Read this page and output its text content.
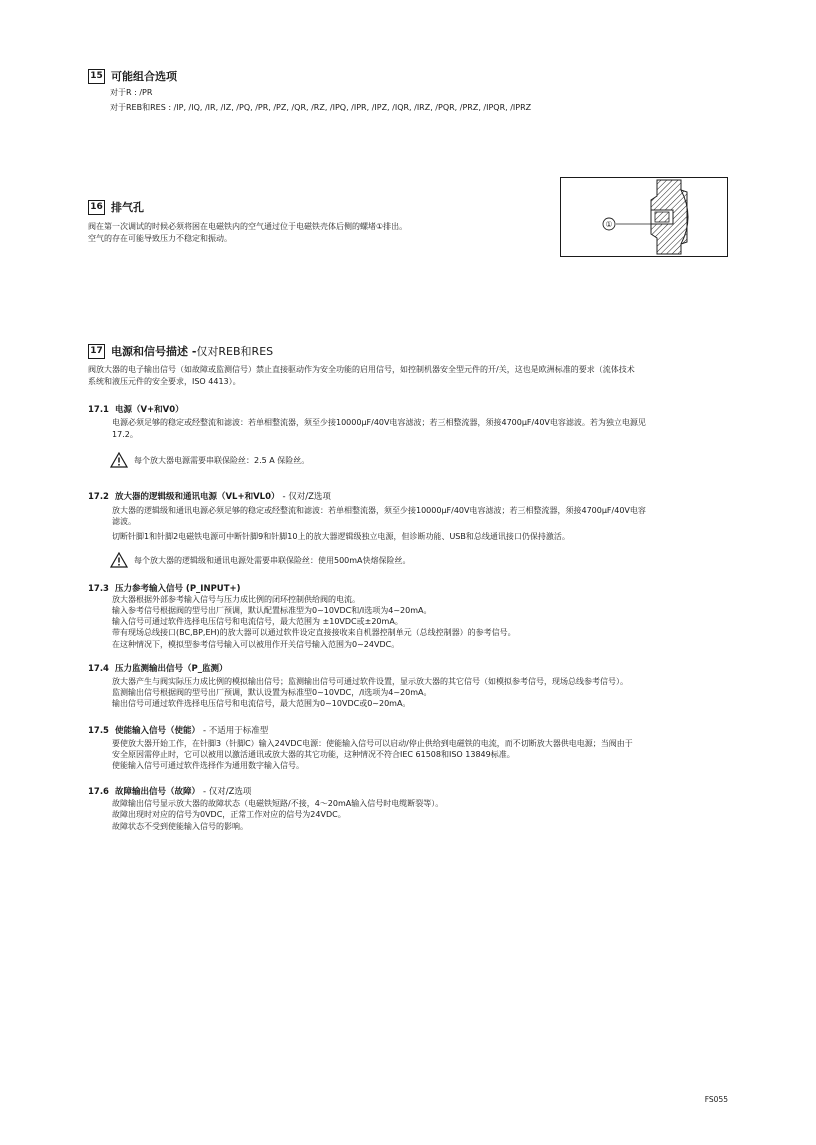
15 可能组合选项
对于R : /PR
对于REB和RES : /IP, /IQ, /IR, /IZ, /PQ, /PR, /PZ, /QR, /RZ, /IPQ, /IPR, /IPZ, /IQR, /IRZ, /PQR, /PRZ, /IPQR, /IPRZ
16 排气孔
阀在第一次调试的时候必须将困在电磁铁内的空气通过位于电磁铁壳体后侧的螺堵①排出。
空气的存在可能导致压力不稳定和振动。
①
17 电源和信号描述 - 仅对REB和RES
阀放大器的电子输出信号（如故障或监测信号）禁止直接驱动作为安全功能的启用信号，如控制机器安全型元件的开/关，这也是欧洲标准的要求（流体技术
系统和液压元件的安全要求，ISO 4413）。
17.1 电源（V+和V0）
电源必须足够的稳定或经整流和滤波：若单相整流器，须至少接10000µF/40V电容滤波；若三相整流器，须接4700µF/40V电容滤波。若为独立电源见
17.2。
每个放大器电源需要串联保险丝：2.5 A 保险丝。
17.2 放大器的逻辑级和通讯电源（VL+和VL0） - 仅对/Z选项
放大器的逻辑级和通讯电源必须足够的稳定或经整流和滤波：若单相整流器，须至少接10000µF/40V电容滤波；若三相整流器，须接4700µF/40V电容
滤波。
切断针脚1和针脚2电磁铁电源可中断针脚9和针脚10上的放大器逻辑级独立电源，但诊断功能、USB和总线通讯接口仍保持激活。
每个放大器的逻辑级和通讯电源处需要串联保险丝：使用500mA快熔保险丝。
17.3 压力参考输入信号 (P_INPUT+)
放大器根据外部参考输入信号与压力成比例的闭环控制供给阀的电流。
输入参考信号根据阀的型号出厂预调，默认配置标准型为0~10VDC和/I选项为4~20mA。
输入信号可通过软件选择电压信号和电流信号，最大范围为 ±10VDC或±20mA。
带有现场总线接口(BC,BP,EH)的放大器可以通过软件设定直接接收来自机器控制单元（总线控制器）的参考信号。
在这种情况下，模拟型参考信号输入可以被用作开关信号输入范围为0~24VDC。
17.4 压力监测输出信号（P_监测）
放大器产生与阀实际压力成比例的模拟输出信号；监测输出信号可通过软件设置，显示放大器的其它信号（如模拟参考信号，现场总线参考信号）。
监测输出信号根据阀的型号出厂预调，默认设置为标准型0~10VDC，/I选项为4~20mA。
输出信号可通过软件选择电压信号和电流信号，最大范围为0~10VDC或0~20mA。
17.5 使能输入信号（使能） - 不适用于标准型
要使放大器开始工作，在针脚3（针脚C）输入24VDC电源：使能输入信号可以启动/停止供给到电磁铁的电流，而不切断放大器供电电源；当阀由于
安全原因需停止时，它可以被用以激活通讯或放大器的其它功能，这种情况不符合IEC 61508和ISO 13849标准。
使能输入信号可通过软件选择作为通用数字输入信号。
17.6 故障输出信号（故障） - 仅对/Z选项
故障输出信号显示放大器的故障状态（电磁铁短路/不接，4～20mA输入信号时电缆断裂等）。
故障出现时对应的信号为0VDC，正常工作对应的信号为24VDC。
故障状态不受到使能输入信号的影响。
FS055
